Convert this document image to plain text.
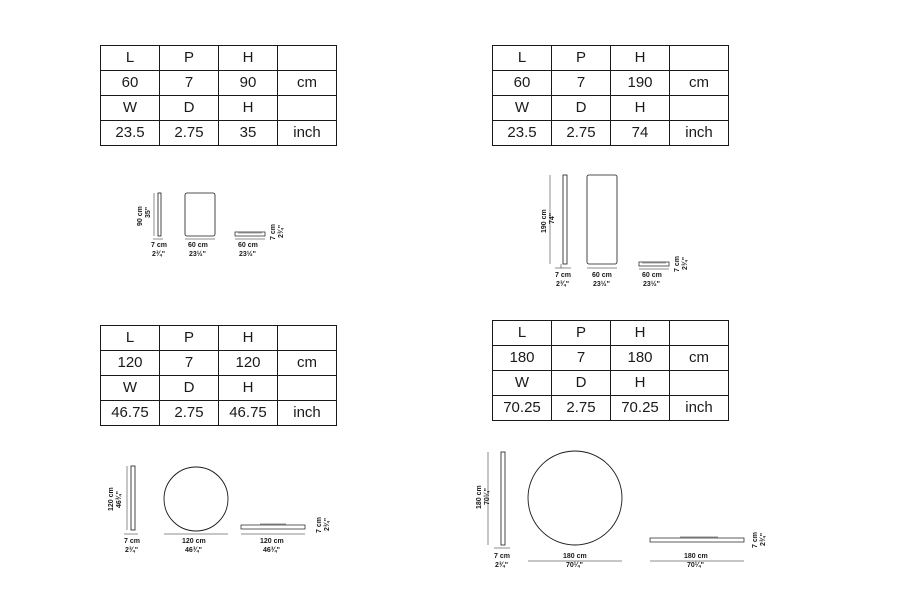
L	P	H	
60	7	90	cm
W	D	H	
23.5	2.75	35	inch
L	P	H	
60	7	190	cm
W	D	H	
23.5	2.75	74	inch
L	P	H	
120	7	120	cm
W	D	H	
46.75	2.75	46.75	inch
L	P	H	
180	7	180	cm
W	D	H	
70.25	2.75	70.25	inch
90 cm 35"
7 cm
2¾"
60 cm
23½"
60 cm
23½"
7 cm 2¾"	190 cm 74"
7 cm
2¾"
60 cm
23½"
60 cm
23½"
7 cm 2¾"
120 cm 46¾"
7 cm
2¾"
120 cm
46¾"
120 cm
46¾"
7 cm 2¾"
180 cm 70¼"
7 cm
2¾"
180 cm
70¼"
180 cm
70¼"
7 cm 2¾"
